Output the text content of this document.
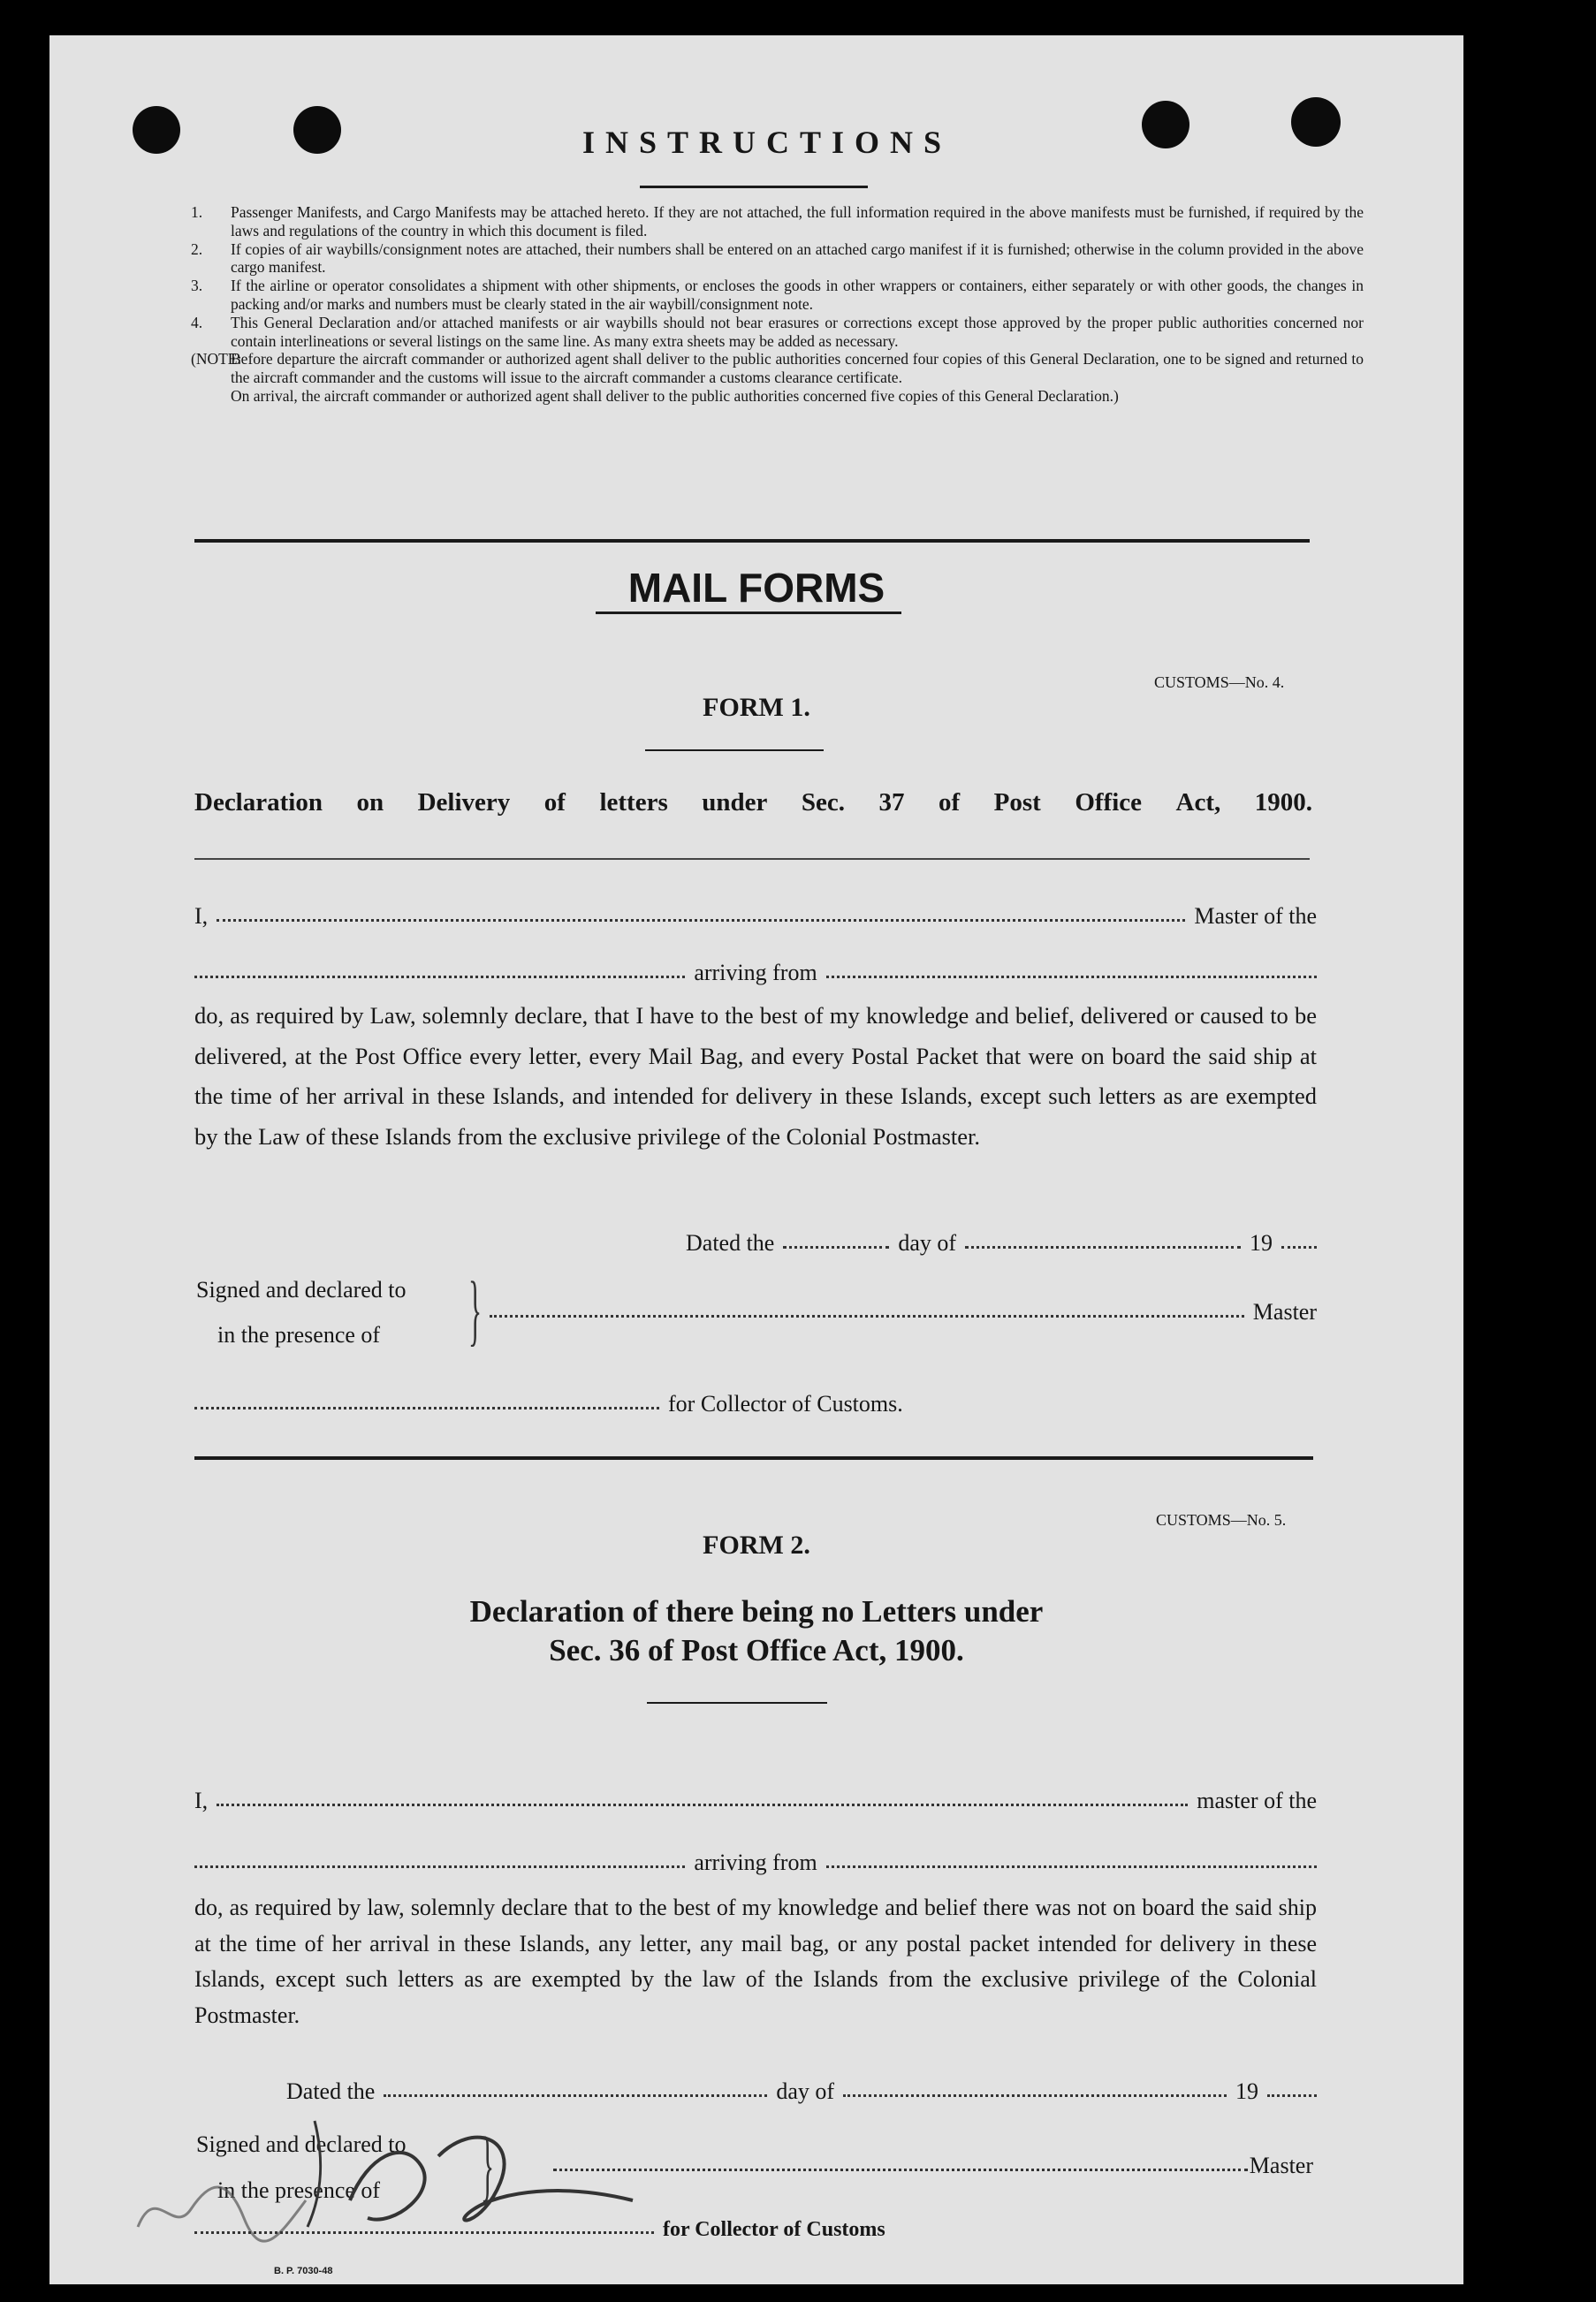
INSTRUCTIONS
1.	Passenger Manifests, and Cargo Manifests may be attached hereto. If they are not attached, the full information required in the above manifests must be furnished, if required by the laws and regulations of the country in which this document is filed.
2.	If copies of air waybills/consignment notes are attached, their numbers shall be entered on an attached cargo manifest if it is furnished; otherwise in the column provided in the above cargo manifest.
3.	If the airline or operator consolidates a shipment with other shipments, or encloses the goods in other wrappers or containers, either separately or with other goods, the changes in packing and/or marks and numbers must be clearly stated in the air waybill/consignment note.
4.	This General Declaration and/or attached manifests or air waybills should not bear erasures or corrections except those approved by the proper public authorities concerned nor contain interlineations or several listings on the same line. As many extra sheets may be added as necessary.
(NOTE:
Before departure the aircraft commander or authorized agent shall deliver to the public authorities concerned four copies of this General Declaration, one to be signed and returned to the aircraft commander and the customs will issue to the aircraft commander a customs clearance certificate.
On arrival, the aircraft commander or authorized agent shall deliver to the public authorities concerned five copies of this General Declaration.)
MAIL FORMS
CUSTOMS—No. 4.
FORM 1.
Declaration on Delivery of letters under Sec. 37 of Post Office Act, 1900.
I,	Master of the
arriving from
do, as required by Law, solemnly declare, that I have to the best of my knowledge and belief, delivered or caused to be delivered, at the Post Office every letter, every Mail Bag, and every Postal Packet that were on board the said ship at the time of her arrival in these Islands, and intended for delivery in these Islands, except such letters as are exempted by the Law of these Islands from the exclusive privilege of the Colonial Postmaster.
Dated the	day of	19
Signed and declared to
in the presence of }	Master
for Collector of Customs.
CUSTOMS—No. 5.
FORM 2.
Declaration of there being no Letters under
Sec. 36 of Post Office Act, 1900.
I,	master of the
arriving from
do, as required by law, solemnly declare that to the best of my knowledge and belief there was not on board the said ship at the time of her arrival in these Islands, any letter, any mail bag, or any postal packet intended for delivery in these Islands, except such letters as are exempted by the law of the Islands from the exclusive privilege of the Colonial Postmaster.
Dated the	day of	19
Signed and declared to
in the presence of }	Master
for Collector of Customs
B. P. 7030-48
